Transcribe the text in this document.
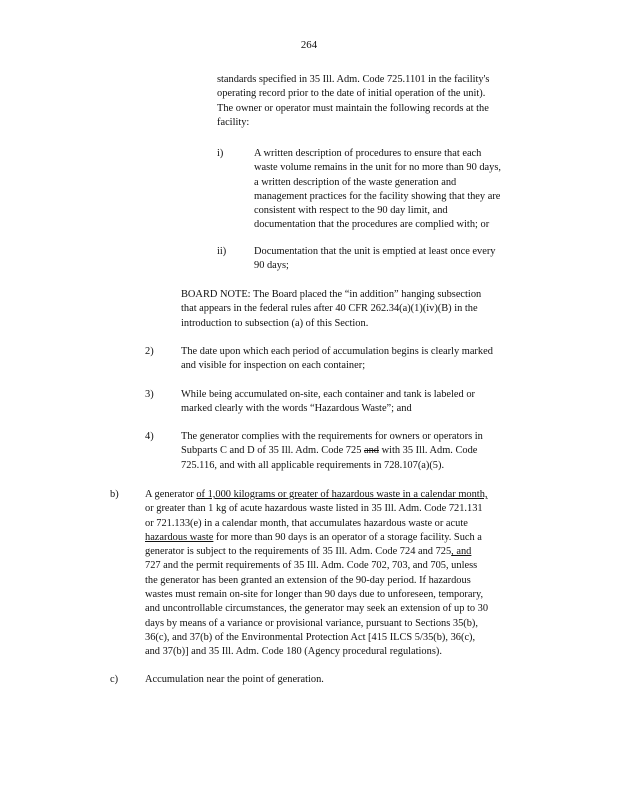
264
standards specified in 35 Ill. Adm. Code 725.1101 in the facility's
operating record prior to the date of initial operation of the unit).
The owner or operator must maintain the following records at the
facility:
i)	A written description of procedures to ensure that each
waste volume remains in the unit for no more than 90 days,
a written description of the waste generation and
management practices for the facility showing that they are
consistent with respect to the 90 day limit, and
documentation that the procedures are complied with; or
ii)	Documentation that the unit is emptied at least once every
90 days;
BOARD NOTE: The Board placed the “in addition” hanging subsection
that appears in the federal rules after 40 CFR 262.34(a)(1)(iv)(B) in the
introduction to subsection (a) of this Section.
2)	The date upon which each period of accumulation begins is clearly marked
and visible for inspection on each container;
3)	While being accumulated on-site, each container and tank is labeled or
marked clearly with the words “Hazardous Waste”; and
4)	The generator complies with the requirements for owners or operators in
Subparts C and D of 35 Ill. Adm. Code 725 and with 35 Ill. Adm. Code
725.116, and with all applicable requirements in 728.107(a)(5).
b)	A generator of 1,000 kilograms or greater of hazardous waste in a calendar month,
or greater than 1 kg of acute hazardous waste listed in 35 Ill. Adm. Code 721.131
or 721.133(e) in a calendar month, that accumulates hazardous waste or acute
hazardous waste for more than 90 days is an operator of a storage facility. Such a
generator is subject to the requirements of 35 Ill. Adm. Code 724 and 725, and
727 and the permit requirements of 35 Ill. Adm. Code 702, 703, and 705, unless
the generator has been granted an extension of the 90-day period. If hazardous
wastes must remain on-site for longer than 90 days due to unforeseen, temporary,
and uncontrollable circumstances, the generator may seek an extension of up to 30
days by means of a variance or provisional variance, pursuant to Sections 35(b),
36(c), and 37(b) of the Environmental Protection Act [415 ILCS 5/35(b), 36(c),
and 37(b)] and 35 Ill. Adm. Code 180 (Agency procedural regulations).
c)	Accumulation near the point of generation.
